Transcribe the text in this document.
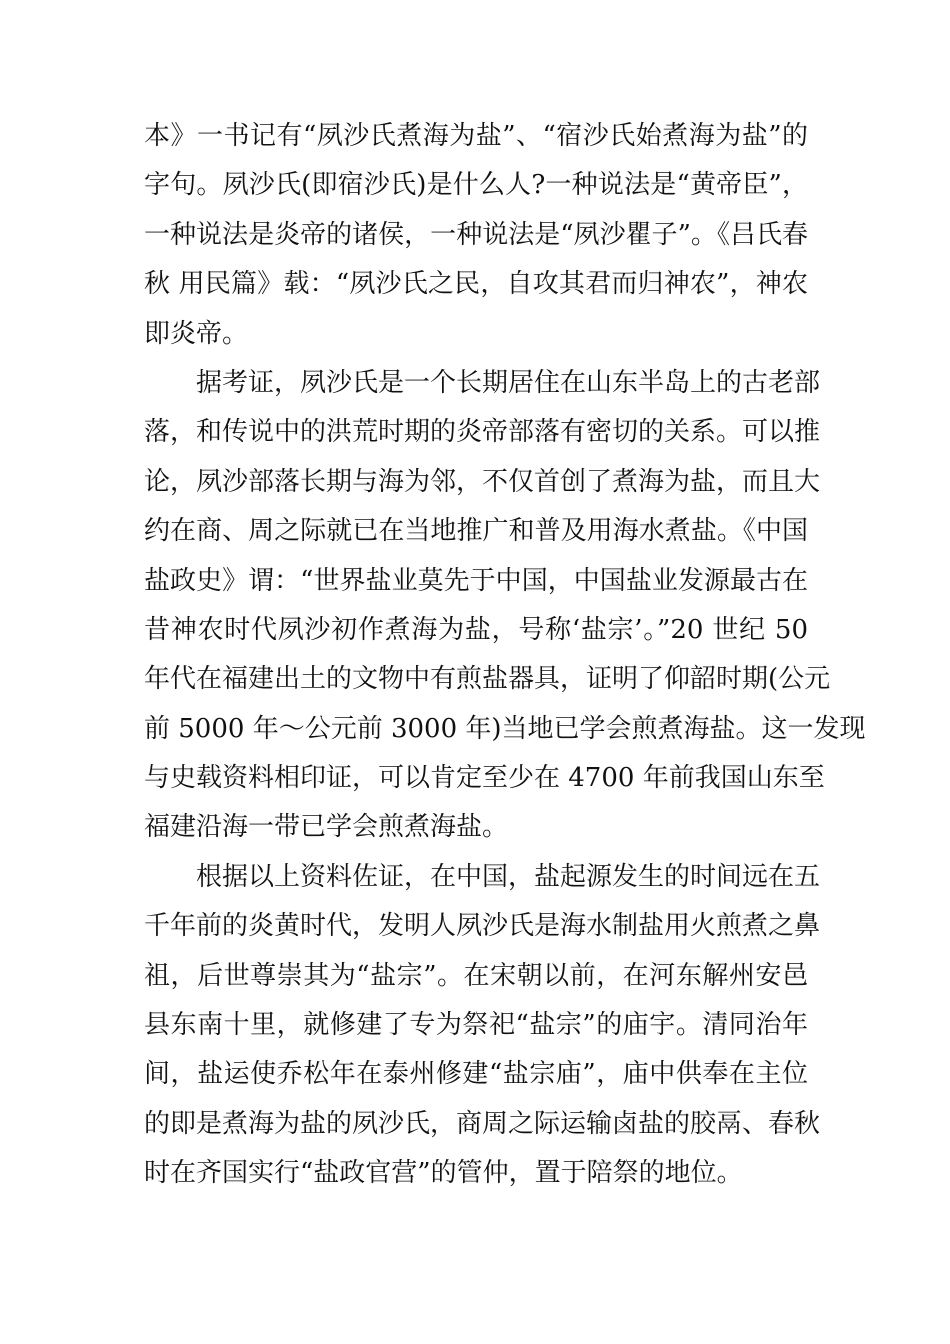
本》一书记有“夙沙氏煮海为盐”、“宿沙氏始煮海为盐”的
字句。夙沙氏(即宿沙氏)是什么人?一种说法是“黄帝臣”，
一种说法是炎帝的诸侯，一种说法是“夙沙瞿子”。《吕氏春
秋 用民篇》载：“夙沙氏之民，自攻其君而归神农”，神农
即炎帝。
　　据考证，夙沙氏是一个长期居住在山东半岛上的古老部
落，和传说中的洪荒时期的炎帝部落有密切的关系。可以推
论，夙沙部落长期与海为邻，不仅首创了煮海为盐，而且大
约在商、周之际就已在当地推广和普及用海水煮盐。《中国
盐政史》谓：“世界盐业莫先于中国，中国盐业发源最古在
昔神农时代夙沙初作煮海为盐，号称‘盐宗’。”20 世纪 50
年代在福建出土的文物中有煎盐器具，证明了仰韶时期(公元
前 5000 年～公元前 3000 年)当地已学会煎煮海盐。这一发现
与史载资料相印证，可以肯定至少在 4700 年前我国山东至
福建沿海一带已学会煎煮海盐。
　　根据以上资料佐证，在中国，盐起源发生的时间远在五
千年前的炎黄时代，发明人夙沙氏是海水制盐用火煎煮之鼻
祖，后世尊崇其为“盐宗”。在宋朝以前，在河东解州安邑
县东南十里，就修建了专为祭祀“盐宗”的庙宇。清同治年
间，盐运使乔松年在泰州修建“盐宗庙”，庙中供奉在主位
的即是煮海为盐的夙沙氏，商周之际运输卤盐的胶鬲、春秋
时在齐国实行“盐政官营”的管仲，置于陪祭的地位。
